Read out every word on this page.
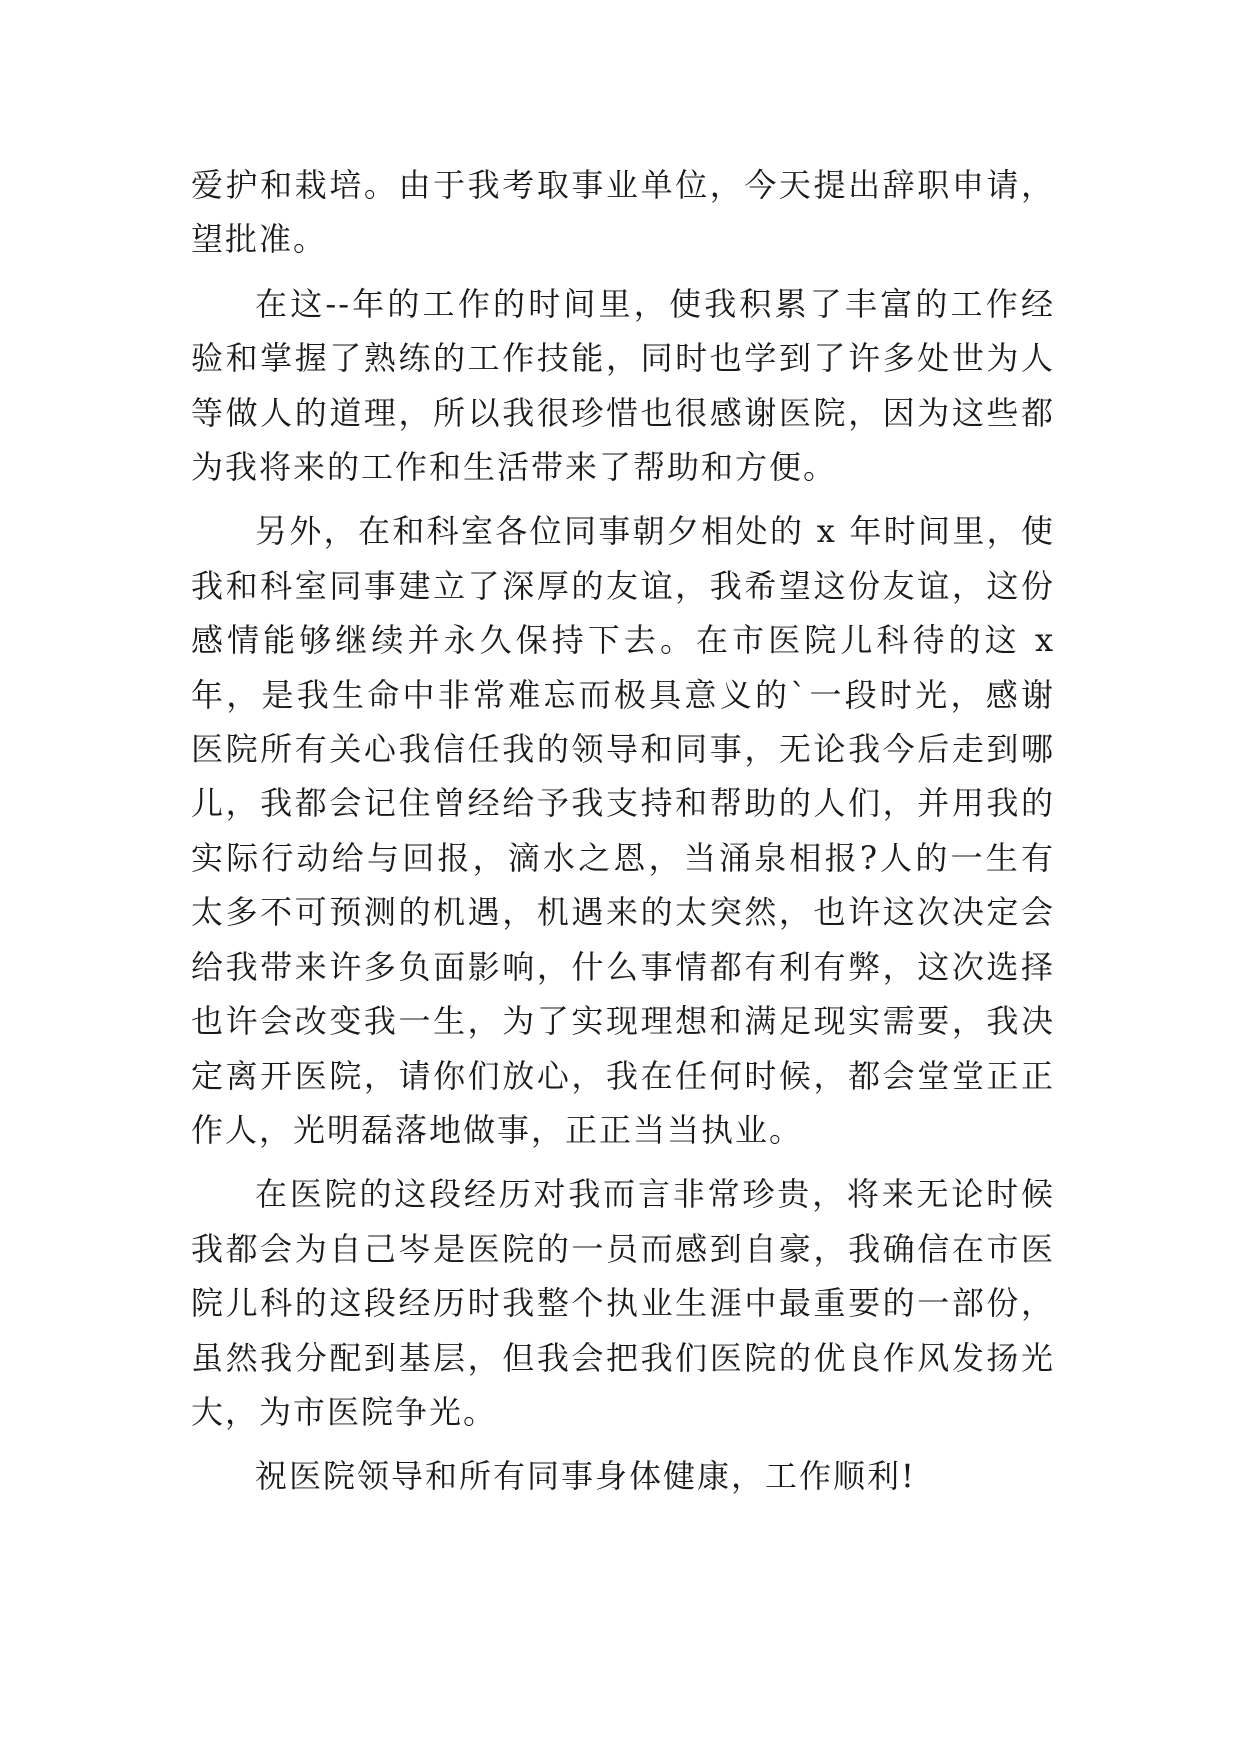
爱护和栽培。由于我考取事业单位，今天提出辞职申请，望批准。

在这--年的工作的时间里，使我积累了丰富的工作经验和掌握了熟练的工作技能，同时也学到了许多处世为人等做人的道理，所以我很珍惜也很感谢医院，因为这些都为我将来的工作和生活带来了帮助和方便。

另外，在和科室各位同事朝夕相处的 x 年时间里，使我和科室同事建立了深厚的友谊，我希望这份友谊，这份感情能够继续并永久保持下去。在市医院儿科待的这 x 年，是我生命中非常难忘而极具意义的`一段时光，感谢医院所有关心我信任我的领导和同事，无论我今后走到哪儿，我都会记住曾经给予我支持和帮助的人们，并用我的实际行动给与回报，滴水之恩，当涌泉相报?人的一生有太多不可预测的机遇，机遇来的太突然，也许这次决定会给我带来许多负面影响，什么事情都有利有弊，这次选择也许会改变我一生，为了实现理想和满足现实需要，我决定离开医院，请你们放心，我在任何时候，都会堂堂正正作人，光明磊落地做事，正正当当执业。

在医院的这段经历对我而言非常珍贵，将来无论时候我都会为自己岑是医院的一员而感到自豪，我确信在市医院儿科的这段经历时我整个执业生涯中最重要的一部份，虽然我分配到基层，但我会把我们医院的优良作风发扬光大，为市医院争光。

祝医院领导和所有同事身体健康，工作顺利!
